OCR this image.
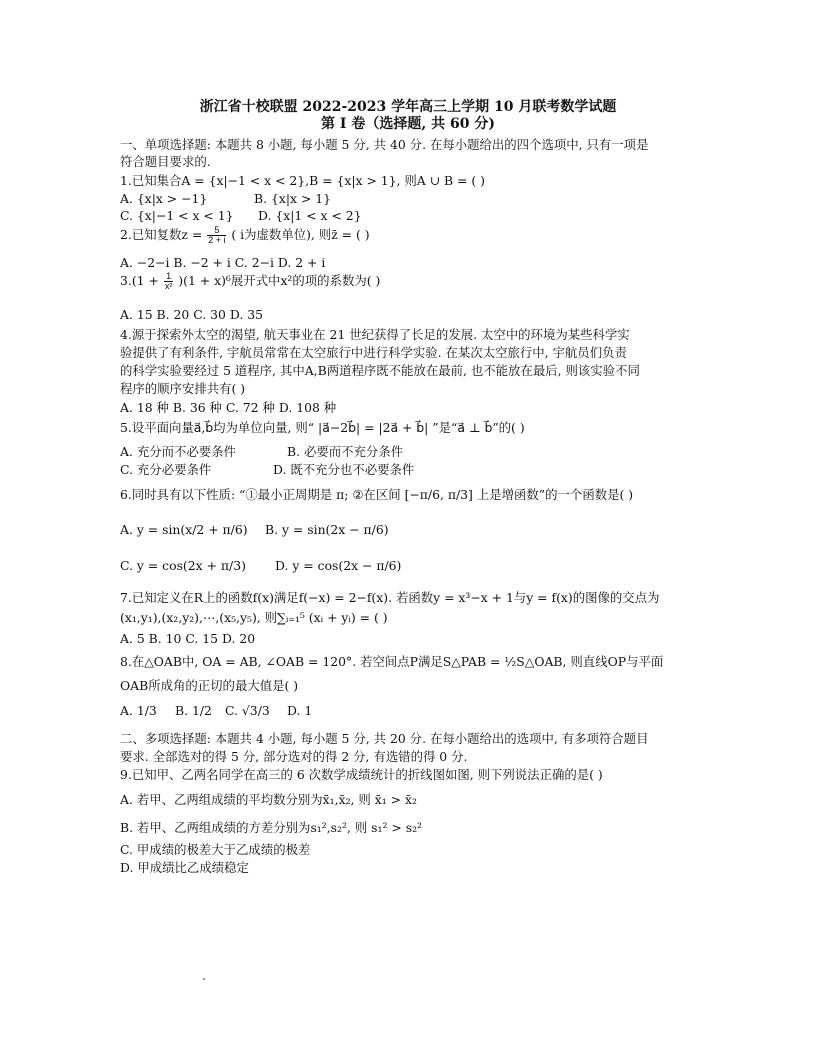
浙江省十校联盟 2022-2023 学年高三上学期 10 月联考数学试题
第 I 卷（选择题, 共 60 分)
一、单项选择题: 本题共 8 小题, 每小题 5 分, 共 40 分. 在每小题给出的四个选项中, 只有一项是
符合题目要求的.
1.已知集合A = {x|−1 < x < 2},B = {x|x > 1}, 则A ∪ B = ( )
A. {x|x > −1}	B. {x|x > 1}
C. {x|−1 < x < 1} D. {x|1 < x < 2}
2.已知复数$z = \frac{5}{2 + i}$ ( i为虚数单位), 则z̄ = ( )
A. −2−i B. −2 + i C. 2−i D. 2 + i
$3.(1 + \frac{1}{\text{x²}} )(1 + x)^6$展开式中x²的项的系数为( )
A. 15 B. 20 C. 30 D. 35
4.源于探索外太空的渴望, 航天事业在 21 世纪获得了长足的发展. 太空中的环境为某些科学实
验提供了有利条件, 宇航员常常在太空旅行中进行科学实验. 在某次太空旅行中, 宇航员们负责
的科学实验要经过 5 道程序, 其中A,B两道程序既不能放在最前, 也不能放在最后, 则该实验不同
程序的顺序安排共有( )
A. 18 种 B. 36 种 C. 72 种 D. 108 种
5.设平面向量a⃗,b⃗均为单位向量, 则“ |a⃗−2b⃗| = |2a⃗ + b⃗| ”是“a⃗ ⊥ b⃗”的( )
A. 充分而不必要条件	B. 必要而不充分条件
C. 充分必要条件	D. 既不充分也不必要条件
6.同时具有以下性质: “①最小正周期是 π; ②在区间 [−π/6, π/3] 上是增函数”的一个函数是( )
A. y = sin(x/2 + π/6) B. y = sin(2x − π/6)
C. y = cos(2x + π/3) D. y = cos(2x − π/6)
7.已知定义在R上的函数f(x)满足f(−x) = 2−f(x). 若函数y = x³−x + 1与y = f(x)的图像的交点为
(x₁,y₁),(x₂,y₂),⋯,(x₅,y₅), 则∑ᵢ₌₁⁵ (xᵢ + yᵢ) = ( )
A. 5 B. 10 C. 15 D. 20
8.在△OAB中, OA = AB, ∠OAB = 120°. 若空间点P满足S△PAB = ½S△OAB, 则直线OP与平面
OAB所成角的正切的最大值是( )
A. 1/3 B. 1/2 C. √3/3 D. 1
二、多项选择题: 本题共 4 小题, 每小题 5 分, 共 20 分. 在每小题给出的选项中, 有多项符合题目
要求. 全部选对的得 5 分, 部分选对的得 2 分, 有选错的得 0 分.
9.已知甲、乙两名同学在高三的 6 次数学成绩统计的折线图如图, 则下列说法正确的是( )
A. 若甲、乙两组成绩的平均数分别为x̄₁,x̄₂, 则 x̄₁ > x̄₂
B. 若甲、乙两组成绩的方差分别为s₁²,s₂², 则 s₁² > s₂²
C. 甲成绩的极差大于乙成绩的极差
D. 甲成绩比乙成绩稳定
